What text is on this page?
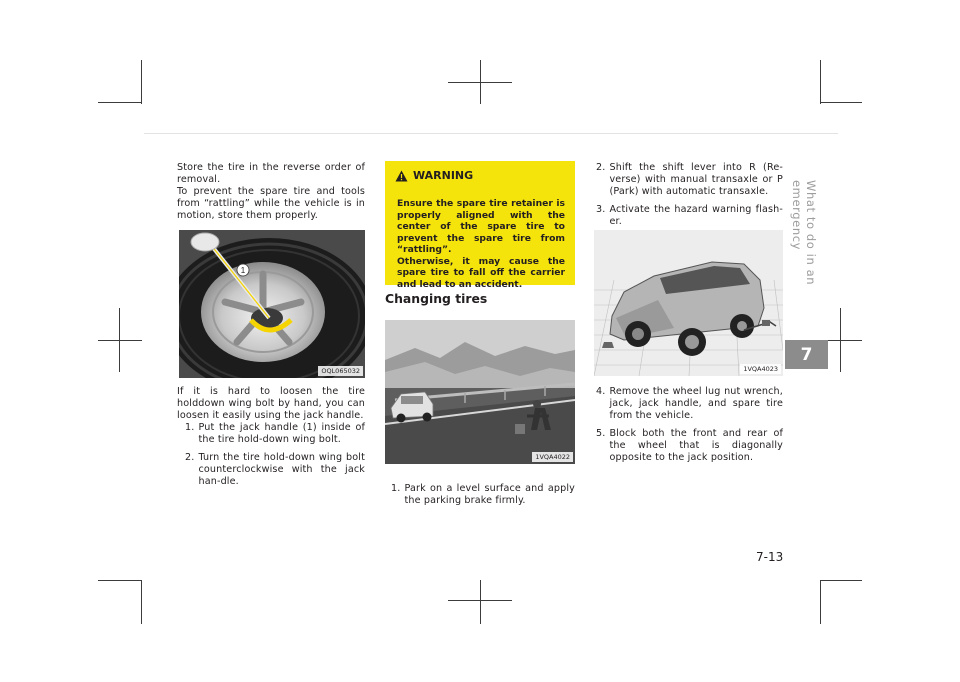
Store the tire in the reverse order of removal.
To prevent the spare tire and tools from “rattling” while the vehicle is in motion, store them properly.

1
OQL065032

If it is hard to loosen the tire holddown wing bolt by hand, you can loosen it easily using the jack handle.

1. Put the jack handle (1) inside of the tire hold-down wing bolt.
2. Turn the tire hold-down wing bolt counterclockwise with the jack han-dle.
WARNING
Ensure the spare tire retainer is properly aligned with the center of the spare tire to prevent the spare tire from “rattling”.
Otherwise, it may cause the spare tire to fall off the carrier and lead to an accident.
Changing tires
1VQA4022
1. Park on a level surface and apply the parking brake firmly.
2. Shift the shift lever into R (Re-verse) with manual transaxle or P (Park) with automatic transaxle.
3. Activate the hazard warning flash-er.
1VQA4023
4. Remove the wheel lug nut wrench, jack, jack handle, and spare tire from the vehicle.
5. Block both the front and rear of the wheel that is diagonally opposite to the jack position.
What to do in an emergency
7
7-13
